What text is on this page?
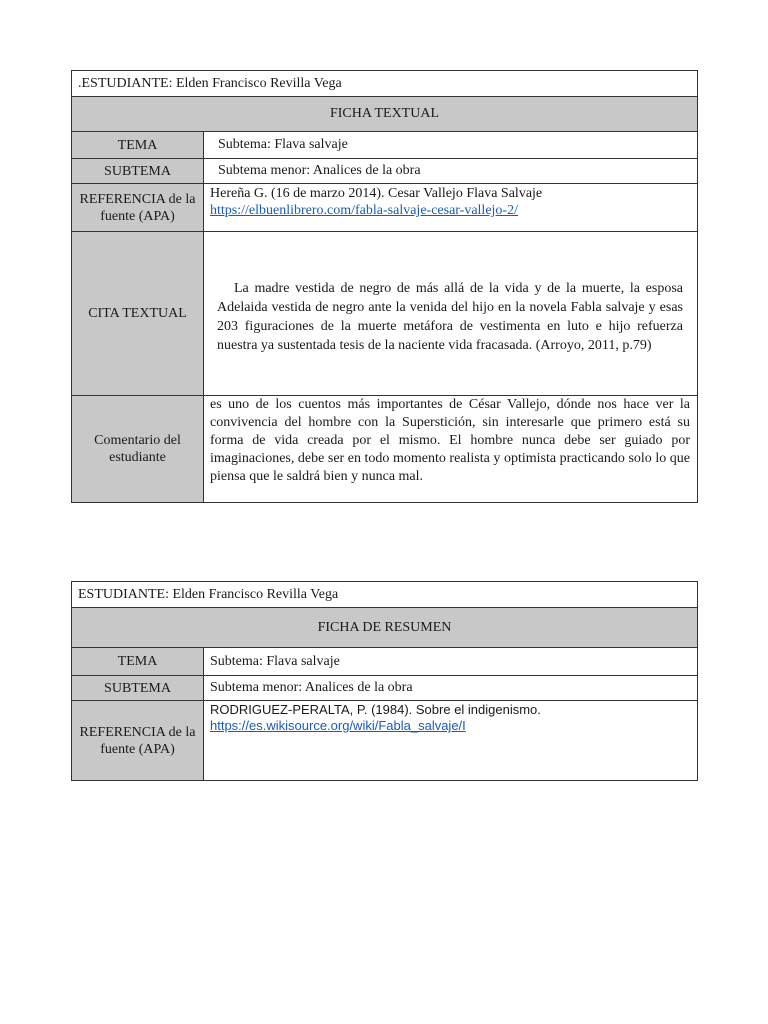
.ESTUDIANTE: Elden Francisco Revilla Vega	
FICHA TEXTUAL	
TEMA	Subtema: Flava salvaje
SUBTEMA	Subtema menor: Analices de la obra
REFERENCIA de la fuente (APA)	Hereña G. (16 de marzo 2014). Cesar Vallejo Flava Salvaje
https://elbuenlibrero.com/fabla-salvaje-cesar-vallejo-2/

CITA TEXTUAL	La madre vestida de negro de más allá de la vida y de la muerte, la esposa Adelaida vestida de negro ante la venida del hijo en la novela Fabla salvaje y esas 203 figuraciones de la muerte metáfora de vestimenta en luto e hijo refuerza nuestra ya sustentada tesis de la naciente vida fracasada. (Arroyo, 2011, p.79)

Comentario del estudiante	es uno de los cuentos más importantes de César Vallejo, dónde nos hace ver la convivencia del hombre con la Superstición, sin interesarle que primero está su forma de vida creada por el mismo. El hombre nunca debe ser guiado por imaginaciones, debe ser en todo momento realista y optimista practicando solo lo que piensa que le saldrá bien y nunca mal.
ESTUDIANTE: Elden Francisco Revilla Vega	
FICHA DE RESUMEN	
TEMA	Subtema: Flava salvaje
SUBTEMA	Subtema menor: Analices de la obra
REFERENCIA de la fuente (APA)	RODRIGUEZ-PERALTA, P. (1984). Sobre el indigenismo.
https://es.wikisource.org/wiki/Fabla_salvaje/I
